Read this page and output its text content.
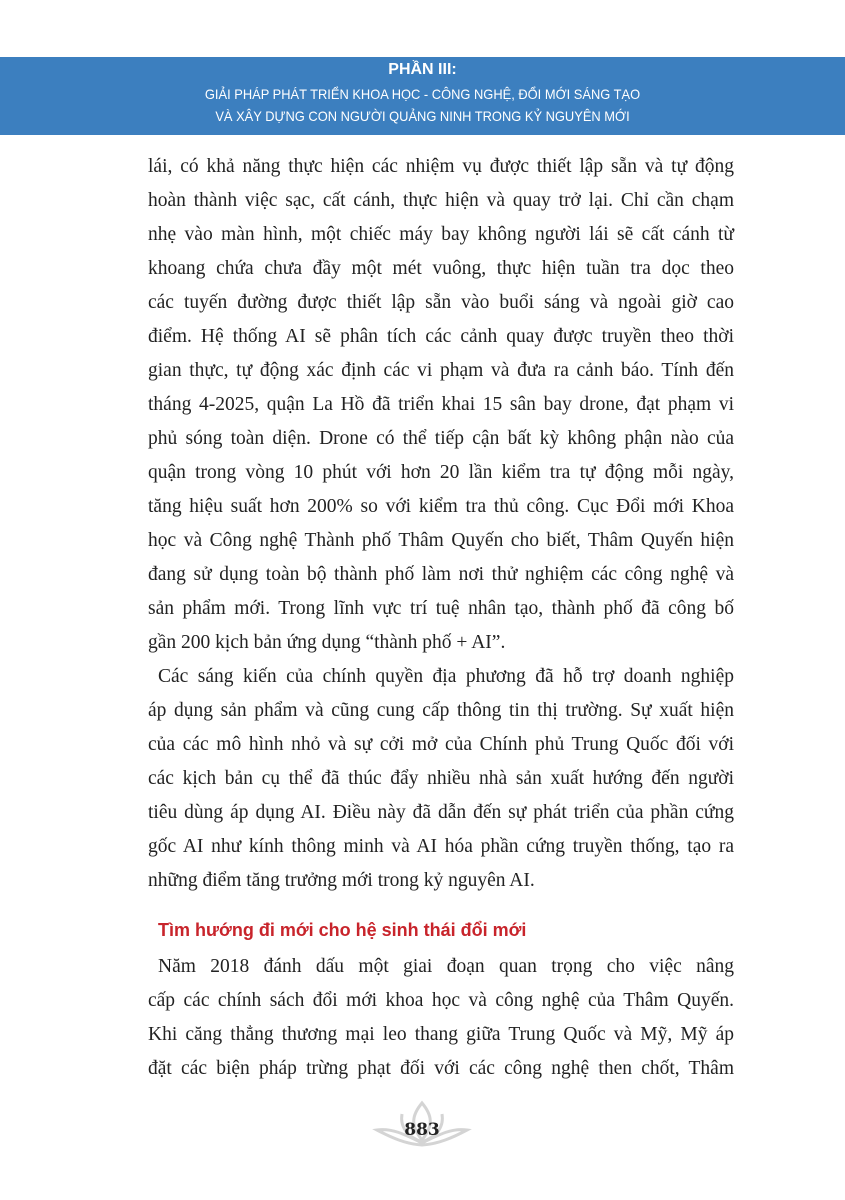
PHẦN III:
GIẢI PHÁP PHÁT TRIỂN KHOA HỌC - CÔNG NGHỆ, ĐỔI MỚI SÁNG TẠO
VÀ XÂY DỰNG CON NGƯỜI QUẢNG NINH TRONG KỶ NGUYÊN MỚI
lái, có khả năng thực hiện các nhiệm vụ được thiết lập sẵn và tự động
hoàn thành việc sạc, cất cánh, thực hiện và quay trở lại. Chỉ cần chạm
nhẹ vào màn hình, một chiếc máy bay không người lái sẽ cất cánh từ
khoang chứa chưa đầy một mét vuông, thực hiện tuần tra dọc theo
các tuyến đường được thiết lập sẵn vào buổi sáng và ngoài giờ cao
điểm. Hệ thống AI sẽ phân tích các cảnh quay được truyền theo thời
gian thực, tự động xác định các vi phạm và đưa ra cảnh báo. Tính đến
tháng 4-2025, quận La Hồ đã triển khai 15 sân bay drone, đạt phạm vi
phủ sóng toàn diện. Drone có thể tiếp cận bất kỳ không phận nào của
quận trong vòng 10 phút với hơn 20 lần kiểm tra tự động mỗi ngày,
tăng hiệu suất hơn 200% so với kiểm tra thủ công. Cục Đổi mới Khoa
học và Công nghệ Thành phố Thâm Quyến cho biết, Thâm Quyến hiện
đang sử dụng toàn bộ thành phố làm nơi thử nghiệm các công nghệ và
sản phẩm mới. Trong lĩnh vực trí tuệ nhân tạo, thành phố đã công bố
gần 200 kịch bản ứng dụng “thành phố + AI”.
Các sáng kiến của chính quyền địa phương đã hỗ trợ doanh nghiệp
áp dụng sản phẩm và cũng cung cấp thông tin thị trường. Sự xuất hiện
của các mô hình nhỏ và sự cởi mở của Chính phủ Trung Quốc đối với
các kịch bản cụ thể đã thúc đẩy nhiều nhà sản xuất hướng đến người
tiêu dùng áp dụng AI. Điều này đã dẫn đến sự phát triển của phần cứng
gốc AI như kính thông minh và AI hóa phần cứng truyền thống, tạo ra
những điểm tăng trưởng mới trong kỷ nguyên AI.
Tìm hướng đi mới cho hệ sinh thái đổi mới
Năm 2018 đánh dấu một giai đoạn quan trọng cho việc nâng
cấp các chính sách đổi mới khoa học và công nghệ của Thâm Quyến.
Khi căng thẳng thương mại leo thang giữa Trung Quốc và Mỹ, Mỹ áp
đặt các biện pháp trừng phạt đối với các công nghệ then chốt, Thâm
883
